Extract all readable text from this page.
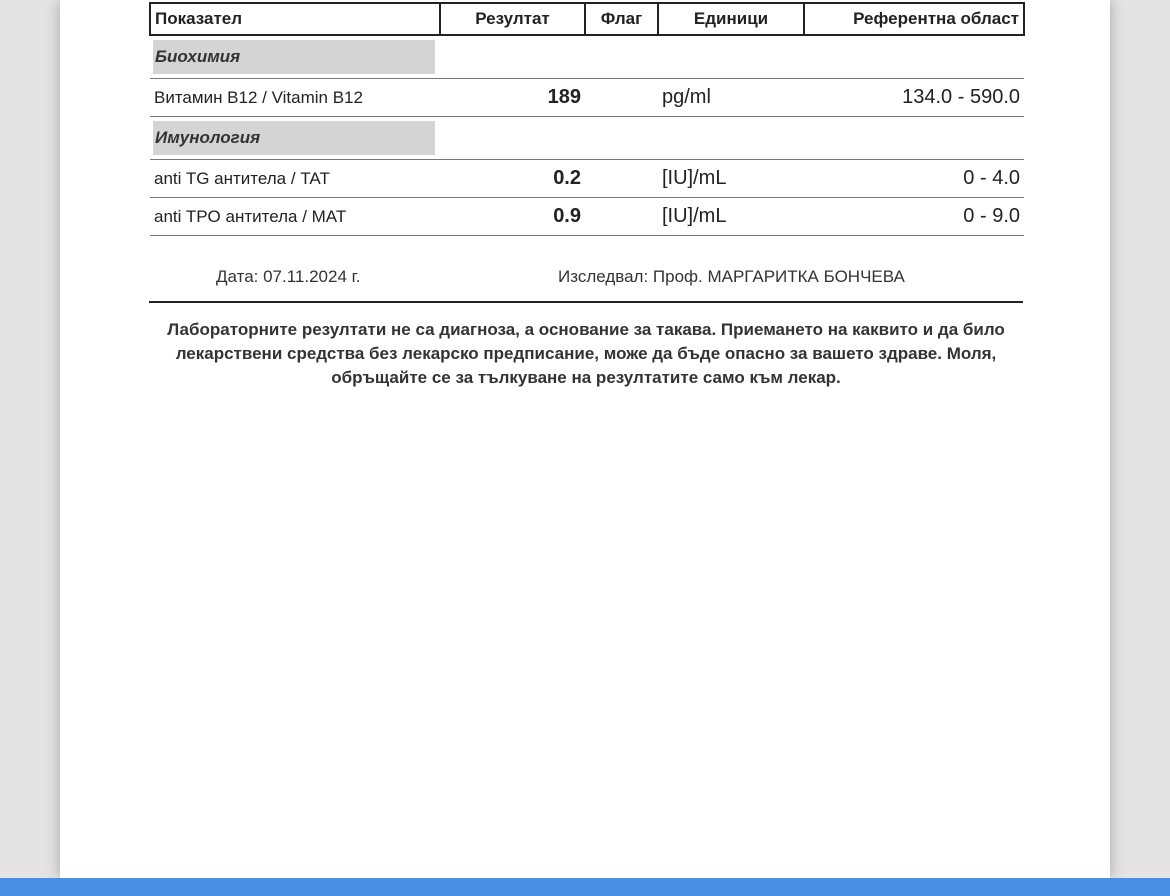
Показател	Резултат	Флаг	Единици	Референтна област

Биохимия				

Витамин B12 / Vitamin B12	189		pg/ml	134.0 - 590.0

Имунология				

anti TG антитела / TAT	0.2		[IU]/mL	0 - 4.0
anti TPO антитела / MAT	0.9		[IU]/mL	0 - 9.0
Дата: 07.11.2024 г.	Изследвал: Проф. МАРГАРИТКА БОНЧЕВА
Лабораторните резултати не са диагноза, а основание за такава. Приемането на каквито и да било лекарствени средства без лекарско предписание, може да бъде опасно за вашето здраве. Моля, обръщайте се за тълкуване на резултатите само към лекар.
